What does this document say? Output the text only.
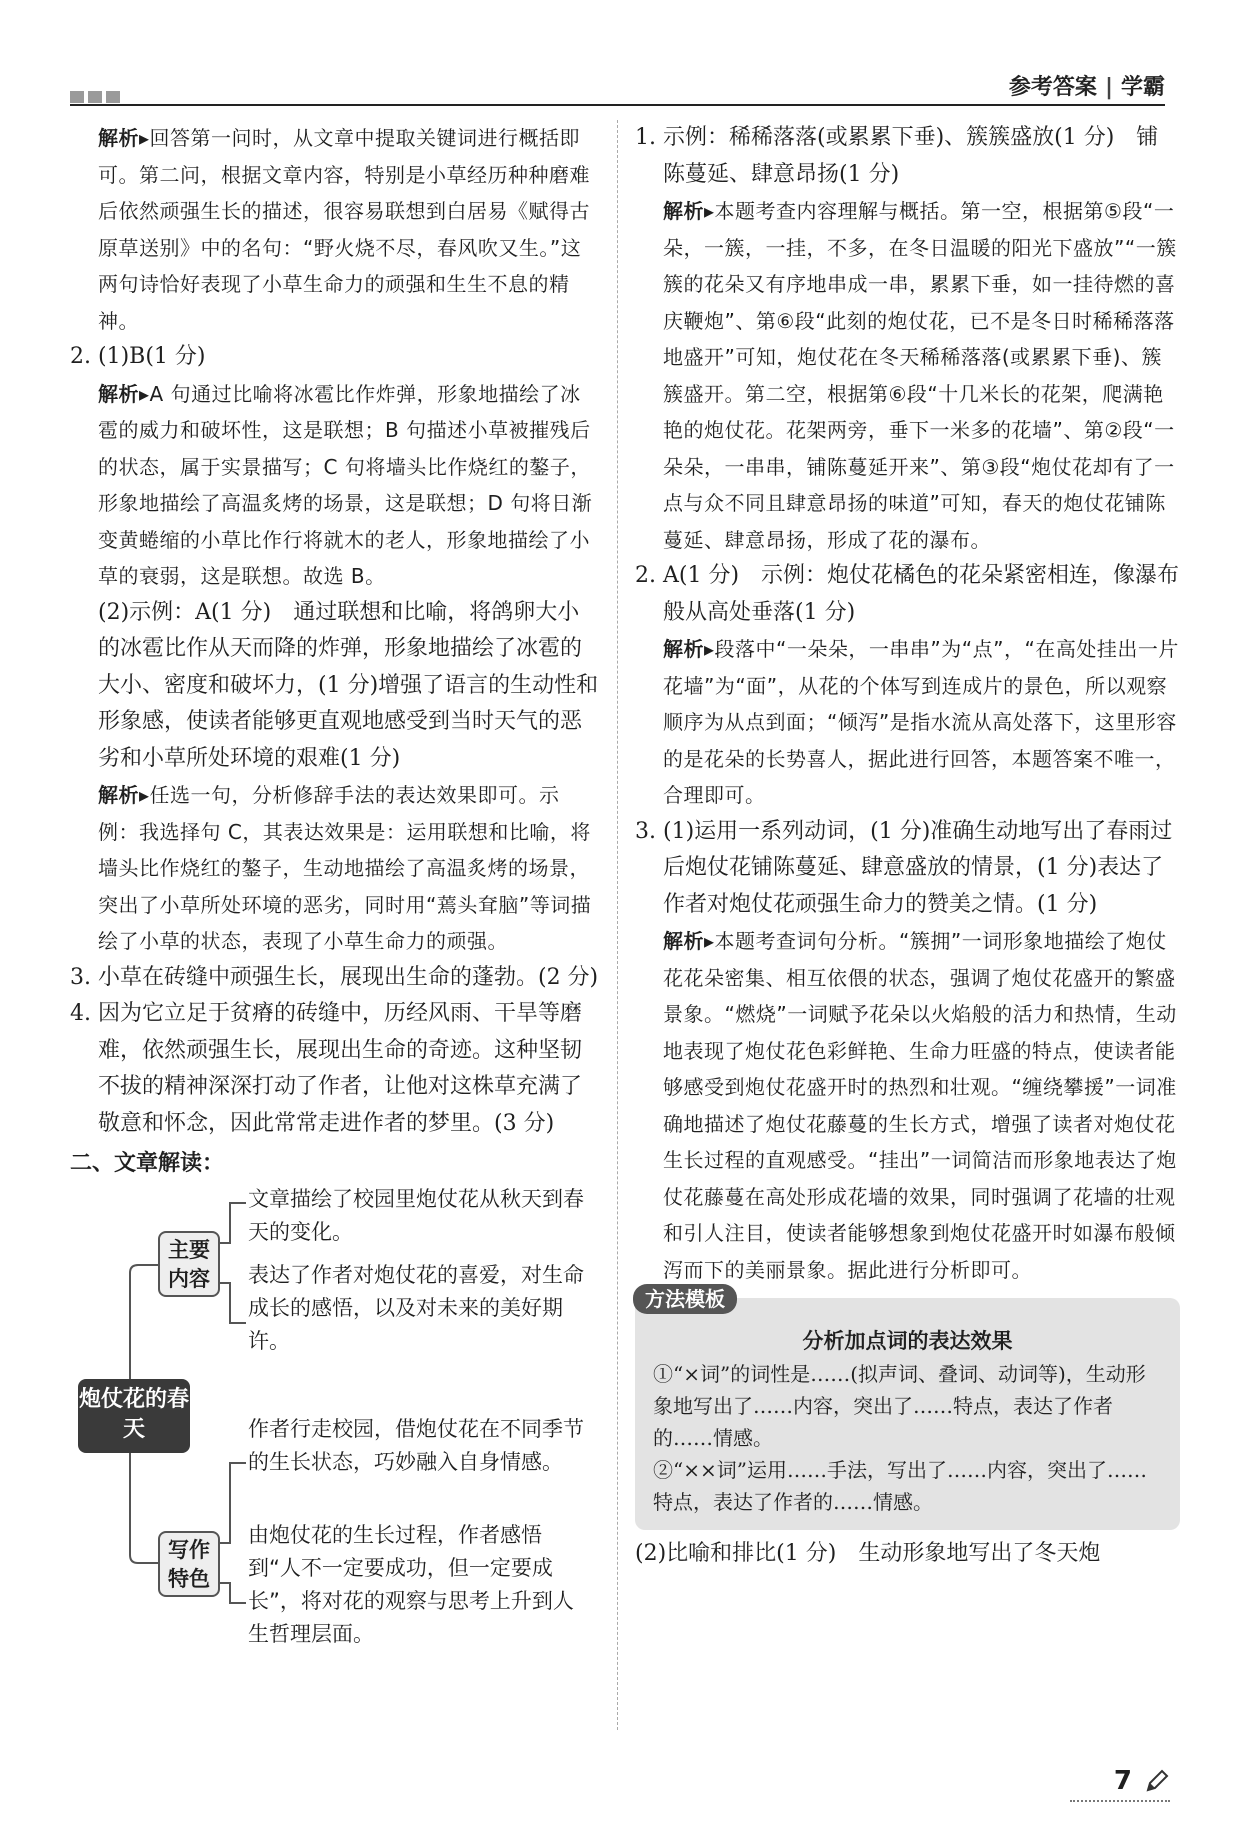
参考答案 | 学霸

解析▸回答第一问时，从文章中提取关键词进行概括即可。第二问，根据文章内容，特别是小草经历种种磨难后依然顽强生长的描述，很容易联想到白居易《赋得古原草送别》中的名句：“野火烧不尽，春风吹又生。”这两句诗恰好表现了小草生命力的顽强和生生不息的精神。

2. (1)B(1 分)

解析▸A 句通过比喻将冰雹比作炸弹，形象地描绘了冰雹的威力和破坏性，这是联想；B 句描述小草被摧残后的状态，属于实景描写；C 句将墙头比作烧红的鏊子，形象地描绘了高温炙烤的场景，这是联想；D 句将日渐变黄蜷缩的小草比作行将就木的老人，形象地描绘了小草的衰弱，这是联想。故选 B。

(2)示例：A(1 分)　通过联想和比喻，将鸽卵大小的冰雹比作从天而降的炸弹，形象地描绘了冰雹的大小、密度和破坏力，(1 分)增强了语言的生动性和形象感，使读者能够更直观地感受到当时天气的恶劣和小草所处环境的艰难(1 分)

解析▸任选一句，分析修辞手法的表达效果即可。示例：我选择句 C，其表达效果是：运用联想和比喻，将墙头比作烧红的鏊子，生动地描绘了高温炙烤的场景，突出了小草所处环境的恶劣，同时用“蔫头耷脑”等词描绘了小草的状态，表现了小草生命力的顽强。

3. 小草在砖缝中顽强生长，展现出生命的蓬勃。(2 分)

4. 因为它立足于贫瘠的砖缝中，历经风雨、干旱等磨难，依然顽强生长，展现出生命的奇迹。这种坚韧不拔的精神深深打动了作者，让他对这株草充满了敬意和怀念，因此常常走进作者的梦里。(3 分)

二、文章解读：

炮仗花的春天
主要内容
文章描绘了校园里炮仗花从秋天到春天的变化。
表达了作者对炮仗花的喜爱，对生命成长的感悟，以及对未来的美好期许。
写作特色
作者行走校园，借炮仗花在不同季节的生长状态，巧妙融入自身情感。
由炮仗花的生长过程，作者感悟到“人不一定要成功，但一定要成长”，将对花的观察与思考上升到人生哲理层面。

1. 示例：稀稀落落(或累累下垂)、簇簇盛放(1 分)　铺陈蔓延、肆意昂扬(1 分)

解析▸本题考查内容理解与概括。第一空，根据第⑤段“一朵，一簇，一挂，不多，在冬日温暖的阳光下盛放”“一簇簇的花朵又有序地串成一串，累累下垂，如一挂待燃的喜庆鞭炮”、第⑥段“此刻的炮仗花，已不是冬日时稀稀落落地盛开”可知，炮仗花在冬天稀稀落落(或累累下垂)、簇簇盛开。第二空，根据第⑥段“十几米长的花架，爬满艳艳的炮仗花。花架两旁，垂下一米多的花墙”、第②段“一朵朵，一串串，铺陈蔓延开来”、第③段“炮仗花却有了一点与众不同且肆意昂扬的味道”可知，春天的炮仗花铺陈蔓延、肆意昂扬，形成了花的瀑布。

2. A(1 分)　示例：炮仗花橘色的花朵紧密相连，像瀑布般从高处垂落(1 分)

解析▸段落中“一朵朵，一串串”为“点”，“在高处挂出一片花墙”为“面”，从花的个体写到连成片的景色，所以观察顺序为从点到面；“倾泻”是指水流从高处落下，这里形容的是花朵的长势喜人，据此进行回答，本题答案不唯一，合理即可。

3. (1)运用一系列动词，(1 分)准确生动地写出了春雨过后炮仗花铺陈蔓延、肆意盛放的情景，(1 分)表达了作者对炮仗花顽强生命力的赞美之情。(1 分)

解析▸本题考查词句分析。“簇拥”一词形象地描绘了炮仗花花朵密集、相互依偎的状态，强调了炮仗花盛开的繁盛景象。“燃烧”一词赋予花朵以火焰般的活力和热情，生动地表现了炮仗花色彩鲜艳、生命力旺盛的特点，使读者能够感受到炮仗花盛开时的热烈和壮观。“缠绕攀援”一词准确地描述了炮仗花藤蔓的生长方式，增强了读者对炮仗花生长过程的直观感受。“挂出”一词简洁而形象地表达了炮仗花藤蔓在高处形成花墙的效果，同时强调了花墙的壮观和引人注目，使读者能够想象到炮仗花盛开时如瀑布般倾泻而下的美丽景象。据此进行分析即可。

方法模板
分析加点词的表达效果

①“×词”的词性是……(拟声词、叠词、动词等)，生动形象地写出了……内容，突出了……特点，表达了作者的……情感。

②“××词”运用……手法，写出了……内容，突出了……特点，表达了作者的……情感。

(2)比喻和排比(1 分)　生动形象地写出了冬天炮

7
